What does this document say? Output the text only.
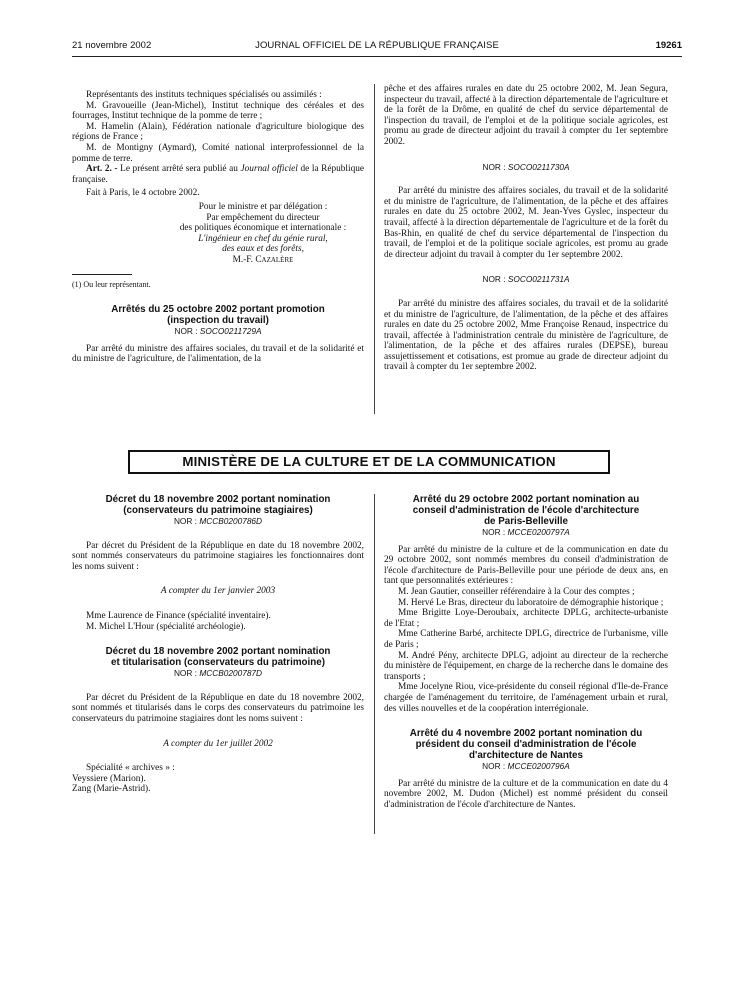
21 novembre 2002	JOURNAL OFFICIEL DE LA RÉPUBLIQUE FRANÇAISE	19261

Représentants des instituts techniques spécialisés ou assimilés :

M. Gravoueille (Jean-Michel), Institut technique des céréales et des fourrages, Institut technique de la pomme de terre ;

M. Hamelin (Alain), Fédération nationale d'agriculture biologique des régions de France ;

M. de Montigny (Aymard), Comité national interprofessionnel de la pomme de terre.

Art. 2. - Le présent arrêté sera publié au Journal officiel de la République française.

Fait à Paris, le 4 octobre 2002.

Pour le ministre et par délégation :
Par empêchement du directeur
des politiques économique et internationale :
L'ingénieur en chef du génie rural,
des eaux et des forêts,
M.-F. Cazalère

(1) Ou leur représentant.

Arrêtés du 25 octobre 2002 portant promotion

(inspection du travail)

NOR : SOCO0211729A

Par arrêté du ministre des affaires sociales, du travail et de la solidarité et du ministre de l'agriculture, de l'alimentation, de la

pêche et des affaires rurales en date du 25 octobre 2002, M. Jean Segura, inspecteur du travail, affecté à la direction départementale de l'agriculture et de la forêt de la Drôme, en qualité de chef du service départemental de l'inspection du travail, de l'emploi et de la politique sociale agricoles, est promu au grade de directeur adjoint du travail à compter du 1er septembre 2002.

NOR : SOCO0211730A

Par arrêté du ministre des affaires sociales, du travail et de la solidarité et du ministre de l'agriculture, de l'alimentation, de la pêche et des affaires rurales en date du 25 octobre 2002, M. Jean-Yves Gyslec, inspecteur du travail, affecté à la direction départementale de l'agriculture et de la forêt du Bas-Rhin, en qualité de chef du service départemental de l'inspection du travail, de l'emploi et de la politique sociale agricoles, est promu au grade de directeur adjoint du travail à compter du 1er septembre 2002.

NOR : SOCO0211731A

Par arrêté du ministre des affaires sociales, du travail et de la solidarité et du ministre de l'agriculture, de l'alimentation, de la pêche et des affaires rurales en date du 25 octobre 2002, Mme Françoise Renaud, inspectrice du travail, affectée à l'administration centrale du ministère de l'agriculture, de l'alimentation, de la pêche et des affaires rurales (DEPSE), bureau assujettissement et cotisations, est promue au grade de directeur adjoint du travail à compter du 1er septembre 2002.

MINISTÈRE DE LA CULTURE ET DE LA COMMUNICATION

Décret du 18 novembre 2002 portant nomination

(conservateurs du patrimoine stagiaires)

NOR : MCCB0200786D

Par décret du Président de la République en date du 18 novembre 2002, sont nommés conservateurs du patrimoine stagiaires les fonctionnaires dont les noms suivent :

A compter du 1er janvier 2003

Mme Laurence de Finance (spécialité inventaire).

M. Michel L'Hour (spécialité archéologie).

Décret du 18 novembre 2002 portant nomination

et titularisation (conservateurs du patrimoine)

NOR : MCCB0200787D

Par décret du Président de la République en date du 18 novembre 2002, sont nommés et titularisés dans le corps des conservateurs du patrimoine les conservateurs du patrimoine stagiaires dont les noms suivent :

A compter du 1er juillet 2002

Spécialité « archives » :

Veyssiere (Marion).

Zang (Marie-Astrid).

Arrêté du 29 octobre 2002 portant nomination au

conseil d'administration de l'école d'architecture

de Paris-Belleville

NOR : MCCE0200797A

Par arrêté du ministre de la culture et de la communication en date du 29 octobre 2002, sont nommés membres du conseil d'administration de l'école d'architecture de Paris-Belleville pour une période de deux ans, en tant que personnalités extérieures :

M. Jean Gautier, conseiller référendaire à la Cour des comptes ;

M. Hervé Le Bras, directeur du laboratoire de démographie historique ;

Mme Brigitte Loye-Deroubaix, architecte DPLG, architecte-urbaniste de l'Etat ;

Mme Catherine Barbé, architecte DPLG, directrice de l'urbanisme, ville de Paris ;

M. André Pény, architecte DPLG, adjoint au directeur de la recherche du ministère de l'équipement, en charge de la recherche dans le domaine des transports ;

Mme Jocelyne Riou, vice-présidente du conseil régional d'Ile-de-France chargée de l'aménagement du territoire, de l'aménagement urbain et rural, des villes nouvelles et de la coopération interrégionale.

Arrêté du 4 novembre 2002 portant nomination du

président du conseil d'administration de l'école

d'architecture de Nantes

NOR : MCCE0200796A

Par arrêté du ministre de la culture et de la communication en date du 4 novembre 2002, M. Dudon (Michel) est nommé président du conseil d'administration de l'école d'architecture de Nantes.
